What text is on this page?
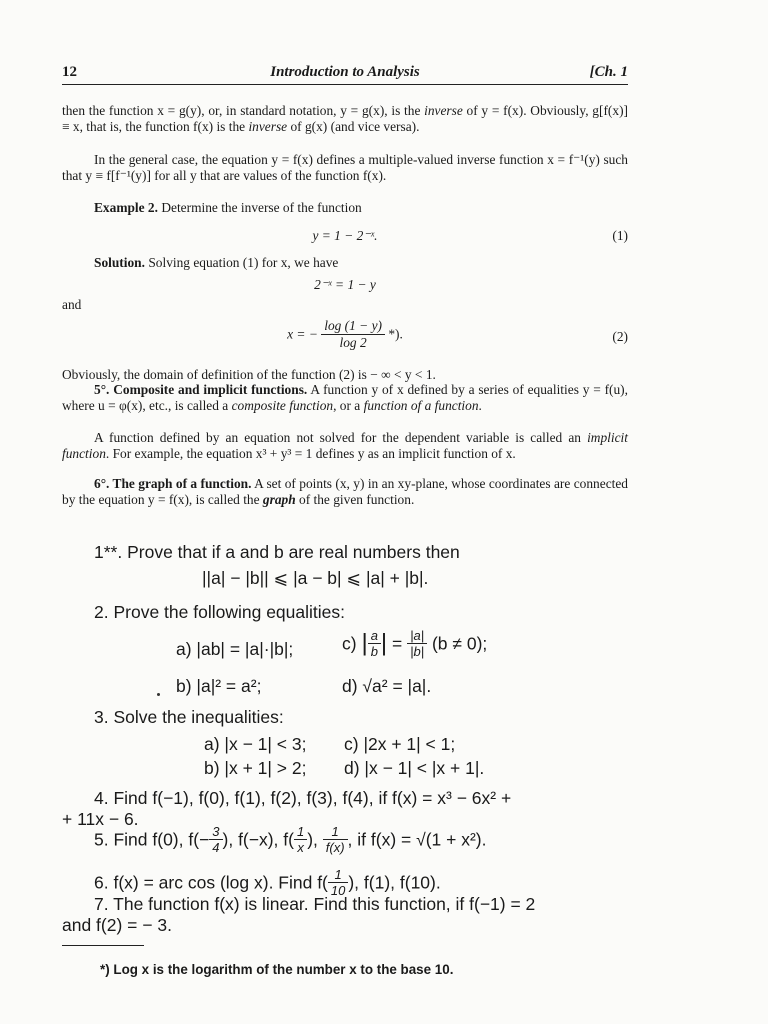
12	Introduction to Analysis	[Ch. 1

then the function x = g(y), or, in standard notation, y = g(x), is the inverse of y = f(x). Obviously, g[f(x)] ≡ x, that is, the function f(x) is the inverse of g(x) (and vice versa).

In the general case, the equation y = f(x) defines a multiple-valued inverse function x = f⁻¹(y) such that y ≡ f[f⁻¹(y)] for all y that are values of the function f(x).

Example 2. Determine the inverse of the function

y = 1 − 2⁻ˣ.	(1)

Solution. Solving equation (1) for x, we have

2⁻ˣ = 1 − y
and
x = − $\frac{\log (1 - y)}{\log 2}$ *).	(2)

Obviously, the domain of definition of the function (2) is − ∞ < y < 1.

5°. Composite and implicit functions. A function y of x defined by a series of equalities y = f(u), where u = φ(x), etc., is called a composite function, or a function of a function.

A function defined by an equation not solved for the dependent variable is called an implicit function. For example, the equation x³ + y³ = 1 defines y as an implicit function of x.

6°. The graph of a function. A set of points (x, y) in an xy-plane, whose coordinates are connected by the equation y = f(x), is called the graph of the given function.

1**. Prove that if a and b are real numbers then

||a| − |b|| ⩽ |a − b| ⩽ |a| + |b|.

2. Prove the following equalities:

a) |ab| = |a|·|b|;	c) | $\frac{a}{b}$ | = $\frac{|a|}{|b|} (b \ne 0)$;

b) |a|² = a²;	d) √a² = |a|.

3. Solve the inequalities:

a) |x − 1| < 3; c) |2x + 1| < 1;

b) |x + 1| > 2; d) |x − 1| < |x + 1|.

4. Find f(−1), f(0), f(1), f(2), f(3), f(4), if f(x) = x³ − 6x² +

+ 11x − 6.

5. Find f(0), $f(- \frac{3}{4}$ ), f(−x), $f( \frac{1}{x}$ ), $\frac{1}{f(x)}$ , if f(x) = √(1 + x²).
6. f(x) = arc cos (log x). Find $f( \frac{1}{10}$ ), f(1), f(10).

7. The function f(x) is linear. Find this function, if f(−1) = 2

and f(2) = − 3.

*) Log x is the logarithm of the number x to the base 10.
